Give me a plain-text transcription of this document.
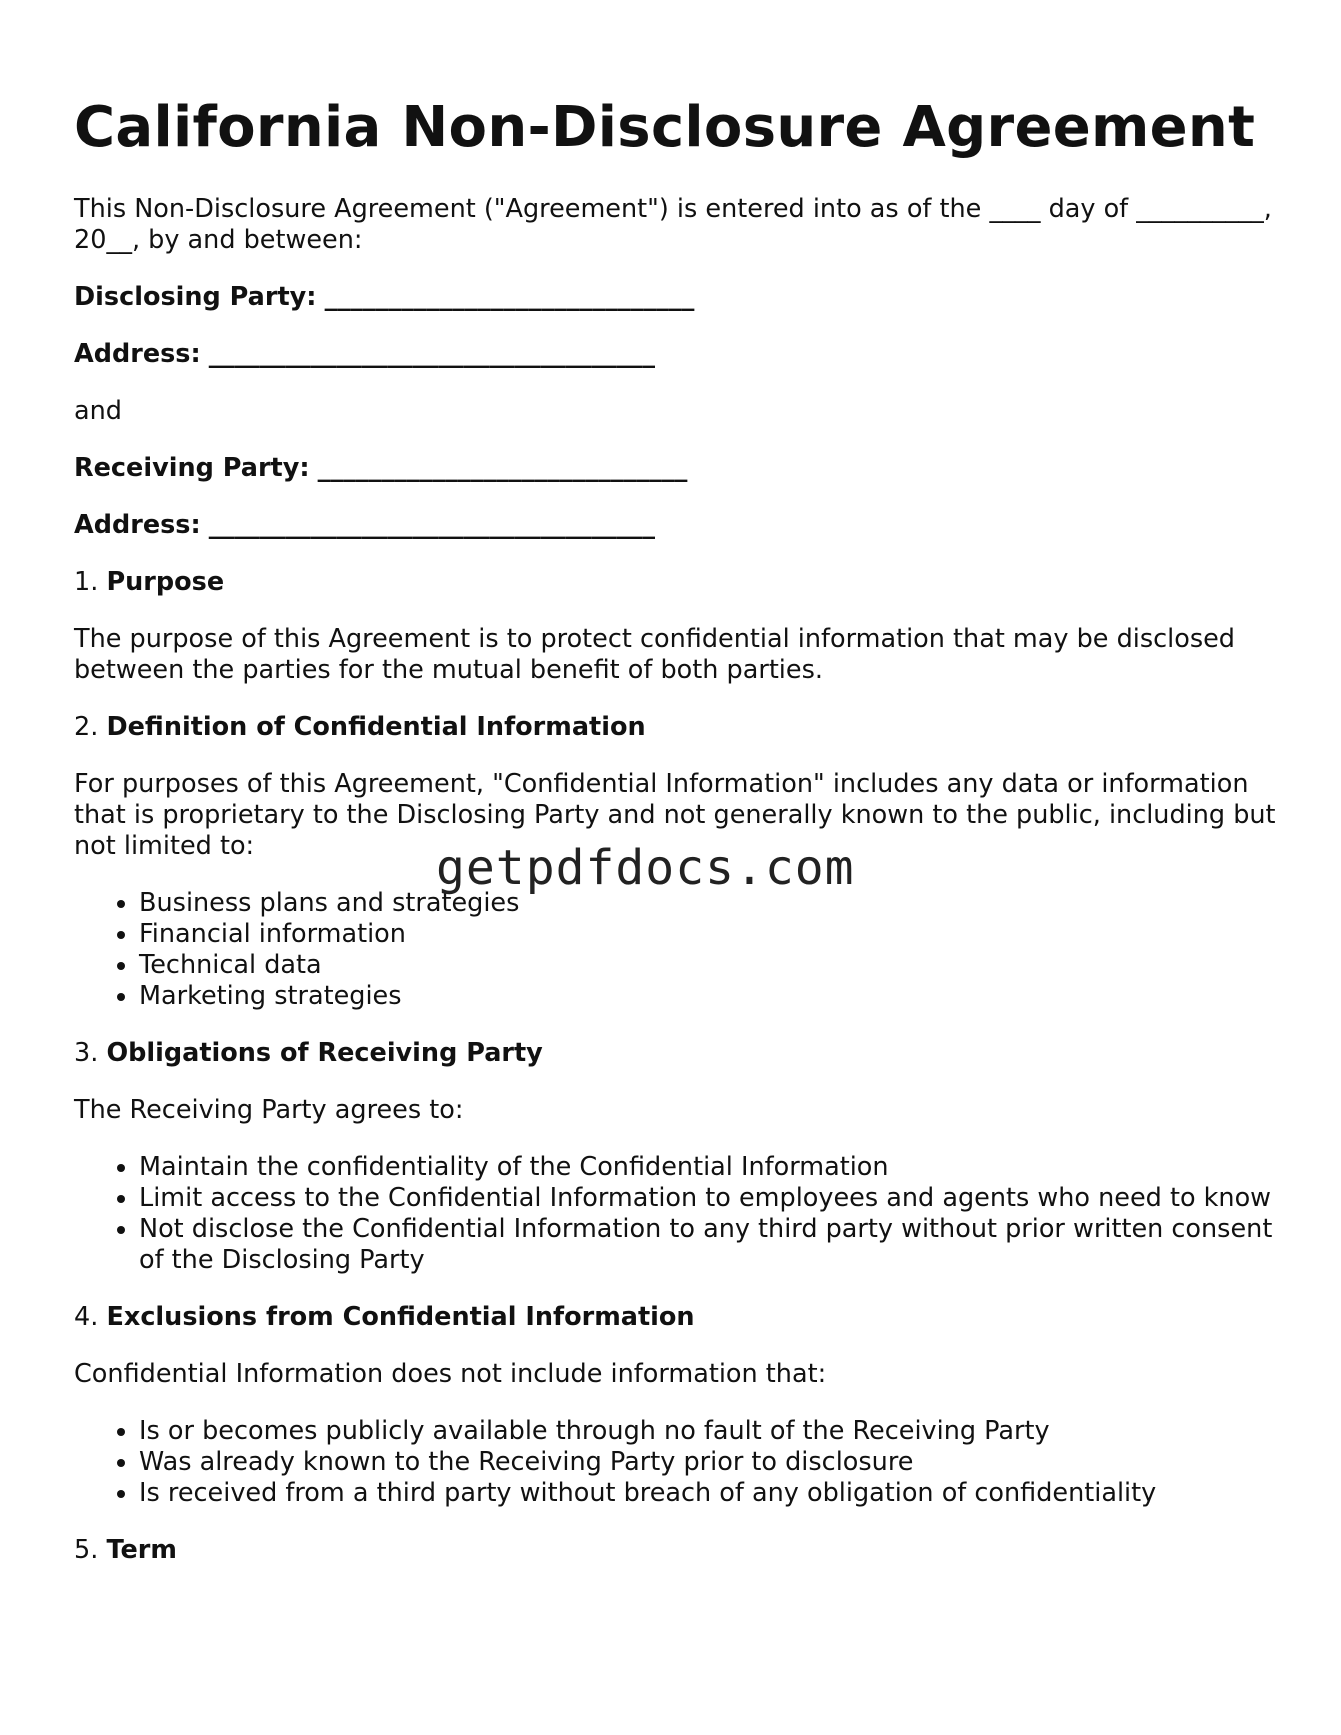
California Non-Disclosure Agreement

This Non-Disclosure Agreement ("Agreement") is entered into as of the ____ day of __________, 20__, by and between:

Disclosing Party: _____________________________

Address: ___________________________________

and

Receiving Party: _____________________________

Address: ___________________________________

1. Purpose

The purpose of this Agreement is to protect confidential information that may be disclosed between the parties for the mutual benefit of both parties.

2. Definition of Confidential Information

For purposes of this Agreement, "Confidential Information" includes any data or information that is proprietary to the Disclosing Party and not generally known to the public, including but not limited to:

• Business plans and strategies
• Financial information
• Technical data
• Marketing strategies

3. Obligations of Receiving Party

The Receiving Party agrees to:

• Maintain the confidentiality of the Confidential Information
• Limit access to the Confidential Information to employees and agents who need to know
• Not disclose the Confidential Information to any third party without prior written consent of the Disclosing Party

4. Exclusions from Confidential Information

Confidential Information does not include information that:

• Is or becomes publicly available through no fault of the Receiving Party
• Was already known to the Receiving Party prior to disclosure
• Is received from a third party without breach of any obligation of confidentiality

5. Term

getpdfdocs.com
